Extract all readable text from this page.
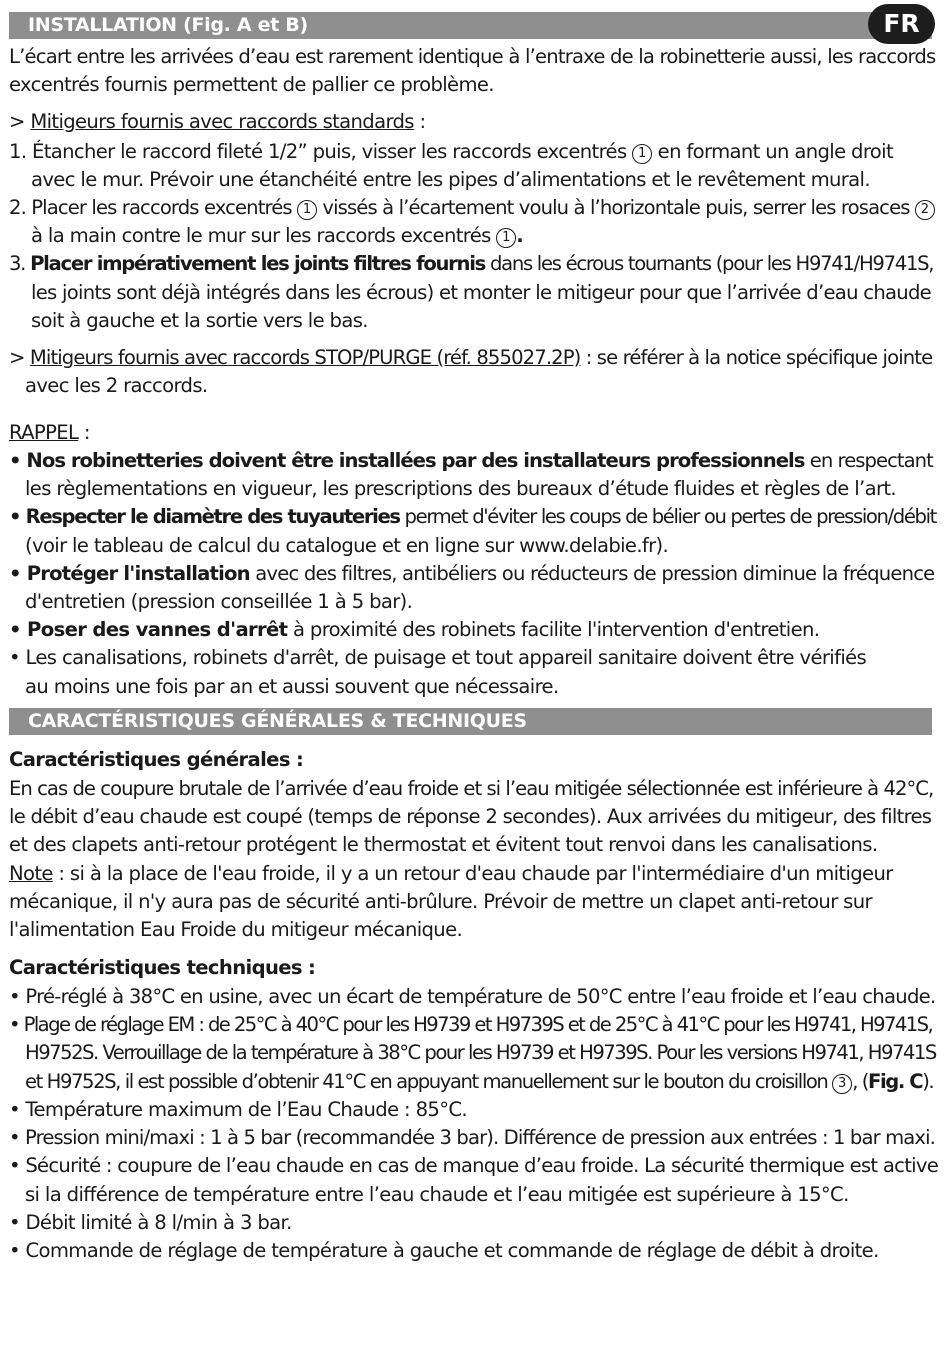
INSTALLATION (Fig. A et B)	FR
L’écart entre les arrivées d’eau est rarement identique à l’entraxe de la robinetterie aussi, les raccords
excentrés fournis permettent de pallier ce problème.
> Mitigeurs fournis avec raccords standards :
1. Étancher le raccord fileté 1/2” puis, visser les raccords excentrés 1 en formant un angle droit
avec le mur. Prévoir une étanchéité entre les pipes d’alimentations et le revêtement mural.
2. Placer les raccords excentrés 1 vissés à l’écartement voulu à l’horizontale puis, serrer les rosaces 2
à la main contre le mur sur les raccords excentrés 1 .
3. Placer impérativement les joints filtres fournis dans les écrous tournants (pour les H9741/H9741S,
les joints sont déjà intégrés dans les écrous) et monter le mitigeur pour que l’arrivée d’eau chaude
soit à gauche et la sortie vers le bas.
> Mitigeurs fournis avec raccords STOP/PURGE (réf. 855027.2P) : se référer à la notice spécifique jointe
avec les 2 raccords.
RAPPEL :
• Nos robinetteries doivent être installées par des installateurs professionnels en respectant
les règlementations en vigueur, les prescriptions des bureaux d’étude fluides et règles de l’art.
• Respecter le diamètre des tuyauteries permet d'éviter les coups de bélier ou pertes de pression/débit
(voir le tableau de calcul du catalogue et en ligne sur www.delabie.fr).
• Protéger l'installation avec des filtres, antibéliers ou réducteurs de pression diminue la fréquence
d'entretien (pression conseillée 1 à 5 bar).
• Poser des vannes d'arrêt à proximité des robinets facilite l'intervention d'entretien.
• Les canalisations, robinets d'arrêt, de puisage et tout appareil sanitaire doivent être vérifiés
au moins une fois par an et aussi souvent que nécessaire.
CARACTÉRISTIQUES GÉNÉRALES & TECHNIQUES
Caractéristiques générales :
En cas de coupure brutale de l’arrivée d’eau froide et si l’eau mitigée sélectionnée est inférieure à 42°C,
le débit d’eau chaude est coupé (temps de réponse 2 secondes). Aux arrivées du mitigeur, des filtres
et des clapets anti-retour protégent le thermostat et évitent tout renvoi dans les canalisations.
Note : si à la place de l'eau froide, il y a un retour d'eau chaude par l'intermédiaire d'un mitigeur
mécanique, il n'y aura pas de sécurité anti-brûlure. Prévoir de mettre un clapet anti-retour sur
l'alimentation Eau Froide du mitigeur mécanique.
Caractéristiques techniques :
• Pré-réglé à 38°C en usine, avec un écart de température de 50°C entre l’eau froide et l’eau chaude.
• Plage de réglage EM : de 25°C à 40°C pour les H9739 et H9739S et de 25°C à 41°C pour les H9741, H9741S,
H9752S. Verrouillage de la température à 38°C pour les H9739 et H9739S. Pour les versions H9741, H9741S
et H9752S, il est possible d’obtenir 41°C en appuyant manuellement sur le bouton du croisillon 3 , (Fig. C).
• Température maximum de l’Eau Chaude : 85°C.
• Pression mini/maxi : 1 à 5 bar (recommandée 3 bar). Différence de pression aux entrées : 1 bar maxi.
• Sécurité : coupure de l’eau chaude en cas de manque d’eau froide. La sécurité thermique est active
si la différence de température entre l’eau chaude et l’eau mitigée est supérieure à 15°C.
• Débit limité à 8 l/min à 3 bar.
• Commande de réglage de température à gauche et commande de réglage de débit à droite.
